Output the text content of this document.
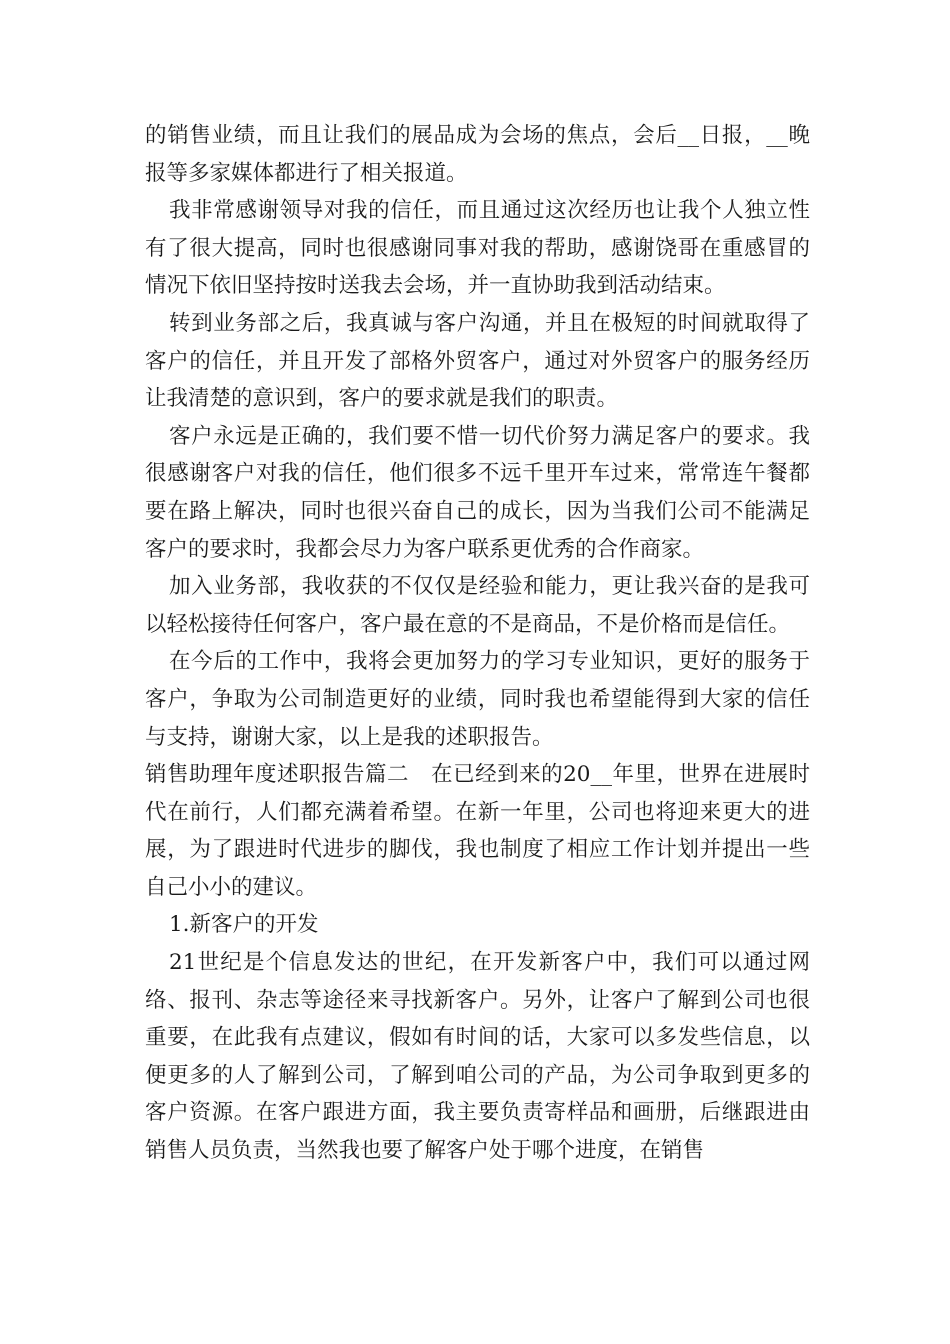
的销售业绩，而且让我们的展品成为会场的焦点，会后__日报，__晚报等多家媒体都进行了相关报道。

我非常感谢领导对我的信任，而且通过这次经历也让我个人独立性有了很大提高，同时也很感谢同事对我的帮助，感谢饶哥在重感冒的情况下依旧坚持按时送我去会场，并一直协助我到活动结束。

转到业务部之后，我真诚与客户沟通，并且在极短的时间就取得了客户的信任，并且开发了部格外贸客户，通过对外贸客户的服务经历让我清楚的意识到，客户的要求就是我们的职责。

客户永远是正确的，我们要不惜一切代价努力满足客户的要求。我很感谢客户对我的信任，他们很多不远千里开车过来，常常连午餐都要在路上解决，同时也很兴奋自己的成长，因为当我们公司不能满足客户的要求时，我都会尽力为客户联系更优秀的合作商家。

加入业务部，我收获的不仅仅是经验和能力，更让我兴奋的是我可以轻松接待任何客户，客户最在意的不是商品，不是价格而是信任。

在今后的工作中，我将会更加努力的学习专业知识，更好的服务于客户，争取为公司制造更好的业绩，同时我也希望能得到大家的信任与支持，谢谢大家，以上是我的述职报告。

销售助理年度述职报告篇二　在已经到来的20__年里，世界在进展时代在前行，人们都充满着希望。在新一年里，公司也将迎来更大的进展，为了跟进时代进步的脚伐，我也制度了相应工作计划并提出一些自己小小的建议。

1.新客户的开发

21世纪是个信息发达的世纪，在开发新客户中，我们可以通过网络、报刊、杂志等途径来寻找新客户。另外，让客户了解到公司也很重要，在此我有点建议，假如有时间的话，大家可以多发些信息，以便更多的人了解到公司，了解到咱公司的产品，为公司争取到更多的客户资源。在客户跟进方面，我主要负责寄样品和画册，后继跟进由销售人员负责，当然我也要了解客户处于哪个进度，在销售
